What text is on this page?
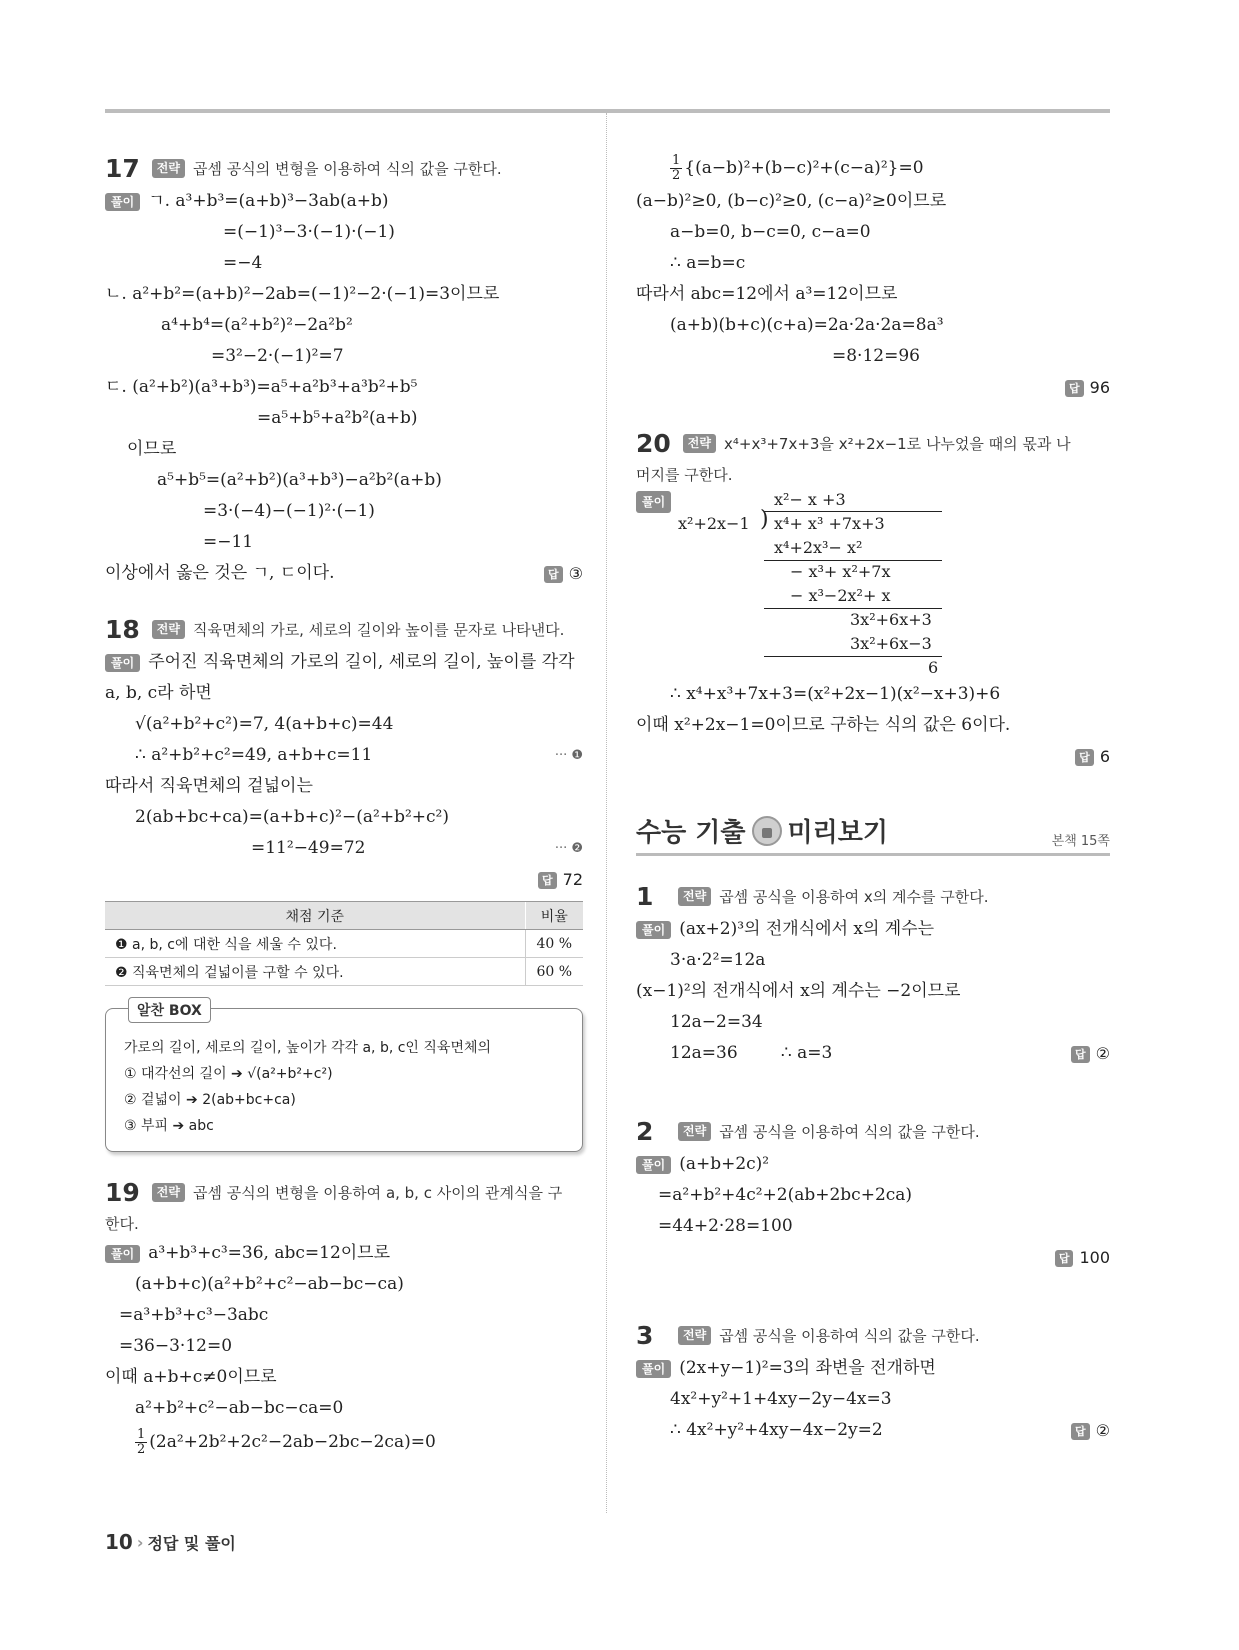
17	전략 곱셈 공식의 변형을 이용하여 식의 값을 구한다.
풀이 ㄱ. a³+b³=(a+b)³−3ab(a+b)
=(−1)³−3·(−1)·(−1)
=−4
ㄴ. a²+b²=(a+b)²−2ab=(−1)²−2·(−1)=3이므로
a⁴+b⁴=(a²+b²)²−2a²b²
=3²−2·(−1)²=7
ㄷ. (a²+b²)(a³+b³)=a⁵+a²b³+a³b²+b⁵
=a⁵+b⁵+a²b²(a+b)
이므로
a⁵+b⁵=(a²+b²)(a³+b³)−a²b²(a+b)
=3·(−4)−(−1)²·(−1)
=−11
이상에서 옳은 것은 ㄱ, ㄷ이다.	답 ③
18	전략 직육면체의 가로, 세로의 길이와 높이를 문자로 나타낸다.
풀이 주어진 직육면체의 가로의 길이, 세로의 길이, 높이를 각각
a, b, c라 하면
√(a²+b²+c²)=7, 4(a+b+c)=44
∴ a²+b²+c²=49, a+b+c=11	··· ❶
따라서 직육면체의 겉넓이는
2(ab+bc+ca)=(a+b+c)²−(a²+b²+c²)
=11²−49=72	··· ❷
답 72
채점 기준	비율
❶ a, b, c에 대한 식을 세울 수 있다.	40 %
❷ 직육면체의 겉넓이를 구할 수 있다.	60 %
알찬 BOX
가로의 길이, 세로의 길이, 높이가 각각 a, b, c인 직육면체의
① 대각선의 길이 ➔ √(a²+b²+c²)
② 겉넓이 ➔ 2(ab+bc+ca)
③ 부피 ➔ abc
19	전략 곱셈 공식의 변형을 이용하여 a, b, c 사이의 관계식을 구
한다.
풀이 a³+b³+c³=36, abc=12이므로
(a+b+c)(a²+b²+c²−ab−bc−ca)
=a³+b³+c³−3abc
=36−3·12=0
이때 a+b+c≠0이므로
a²+b²+c²−ab−bc−ca=0
$\frac{1}{2} (2a^2+2b^2+2c^2-2ab-2bc-2ca)=0$
$\frac{1}{2} \{(a-b)^2+(b-c)^2+(c-a)^2\}=0$
(a−b)²≥0, (b−c)²≥0, (c−a)²≥0이므로
a−b=0, b−c=0, c−a=0
∴ a=b=c
따라서 abc=12에서 a³=12이므로
(a+b)(b+c)(c+a)=2a·2a·2a=8a³
=8·12=96
답 96
20	전략 x⁴+x³+7x+3을 x²+2x−1로 나누었을 때의 몫과 나
머지를 구한다.
풀이	x²− x +3
x²+2x−1 ) x⁴+ x³ +7x+3
x⁴+2x³− x²
− x³+ x²+7x
− x³−2x²+ x
3x²+6x+3
3x²+6x−3
6
∴ x⁴+x³+7x+3=(x²+2x−1)(x²−x+3)+6
이때 x²+2x−1=0이므로 구하는 식의 값은 6이다.
답 6
수능 기출 미리보기	본책 15쪽
1	전략 곱셈 공식을 이용하여 x의 계수를 구한다.
풀이 (ax+2)³의 전개식에서 x의 계수는
3·a·2²=12a
(x−1)²의 전개식에서 x의 계수는 −2이므로
12a−2=34
12a=36        ∴ a=3	답 ②
2	전략 곱셈 공식을 이용하여 식의 값을 구한다.
풀이 (a+b+2c)²
=a²+b²+4c²+2(ab+2bc+2ca)
=44+2·28=100
답 100
3	전략 곱셈 공식을 이용하여 식의 값을 구한다.
풀이 (2x+y−1)²=3의 좌변을 전개하면
4x²+y²+1+4xy−2y−4x=3
∴ 4x²+y²+4xy−4x−2y=2	답 ②
10 › 정답 및 풀이
